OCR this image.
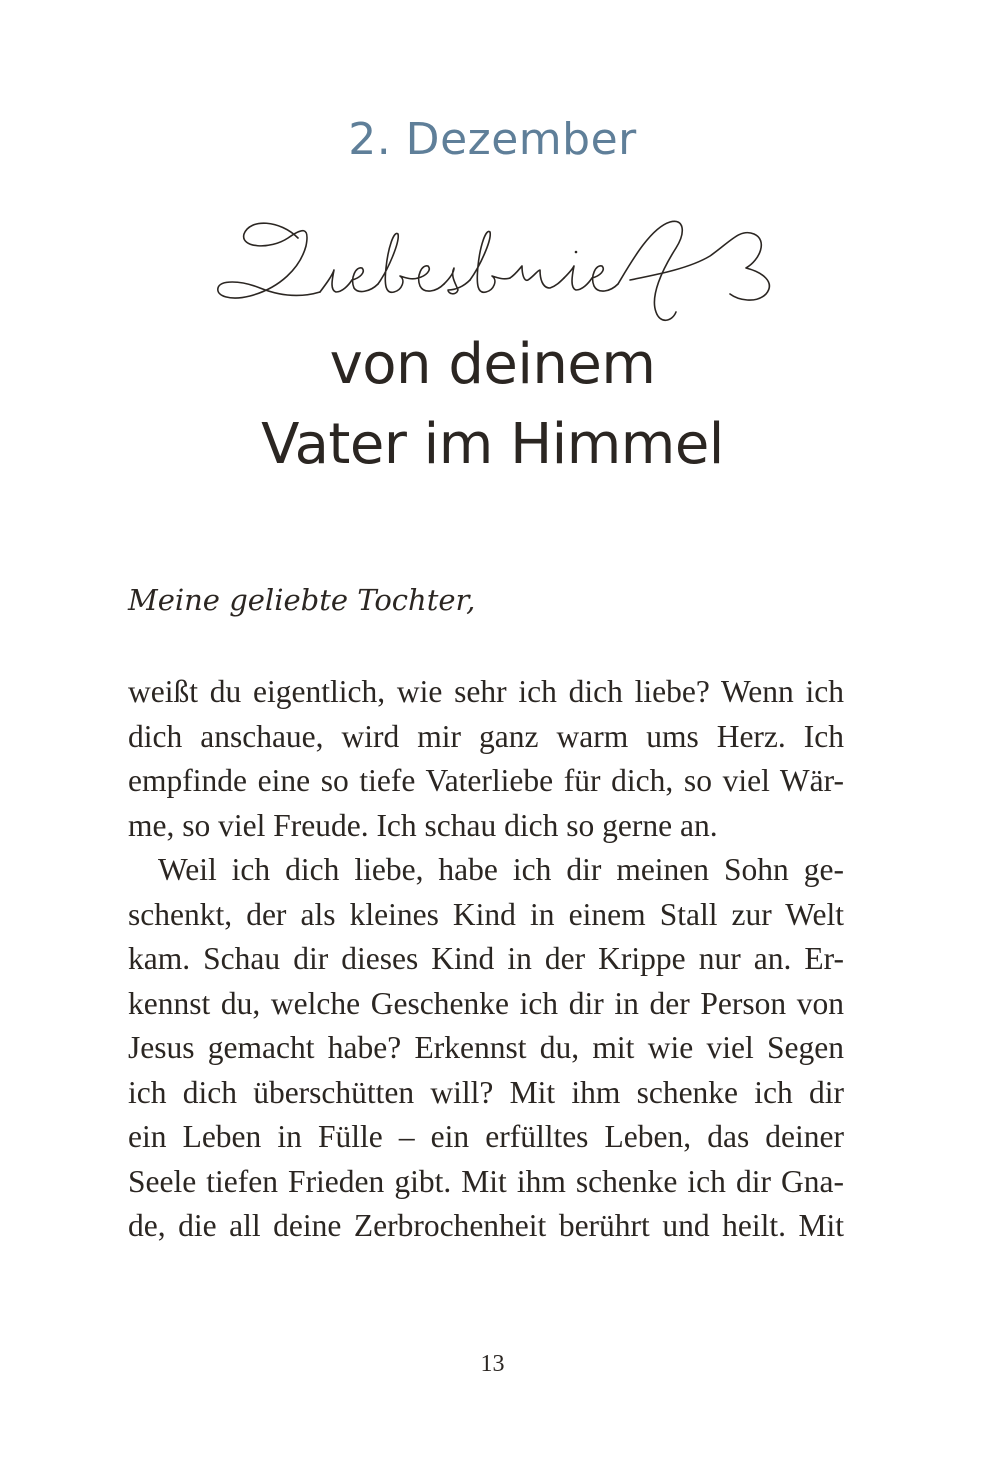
2. Dezember
von deinem
Vater im Himmel

Meine geliebte Tochter,

weißt du eigentlich, wie sehr ich dich liebe? Wenn ich
dich anschaue, wird mir ganz warm ums Herz. Ich
empfinde eine so tiefe Vaterliebe für dich, so viel Wär-
me, so viel Freude. Ich schau dich so gerne an.
Weil ich dich liebe, habe ich dir meinen Sohn ge-
schenkt, der als kleines Kind in einem Stall zur Welt
kam. Schau dir dieses Kind in der Krippe nur an. Er-
kennst du, welche Geschenke ich dir in der Person von
Jesus gemacht habe? Erkennst du, mit wie viel Segen
ich dich überschütten will? Mit ihm schenke ich dir
ein Leben in Fülle – ein erfülltes Leben, das deiner
Seele tiefen Frieden gibt. Mit ihm schenke ich dir Gna-
de, die all deine Zerbrochenheit berührt und heilt. Mit
13
